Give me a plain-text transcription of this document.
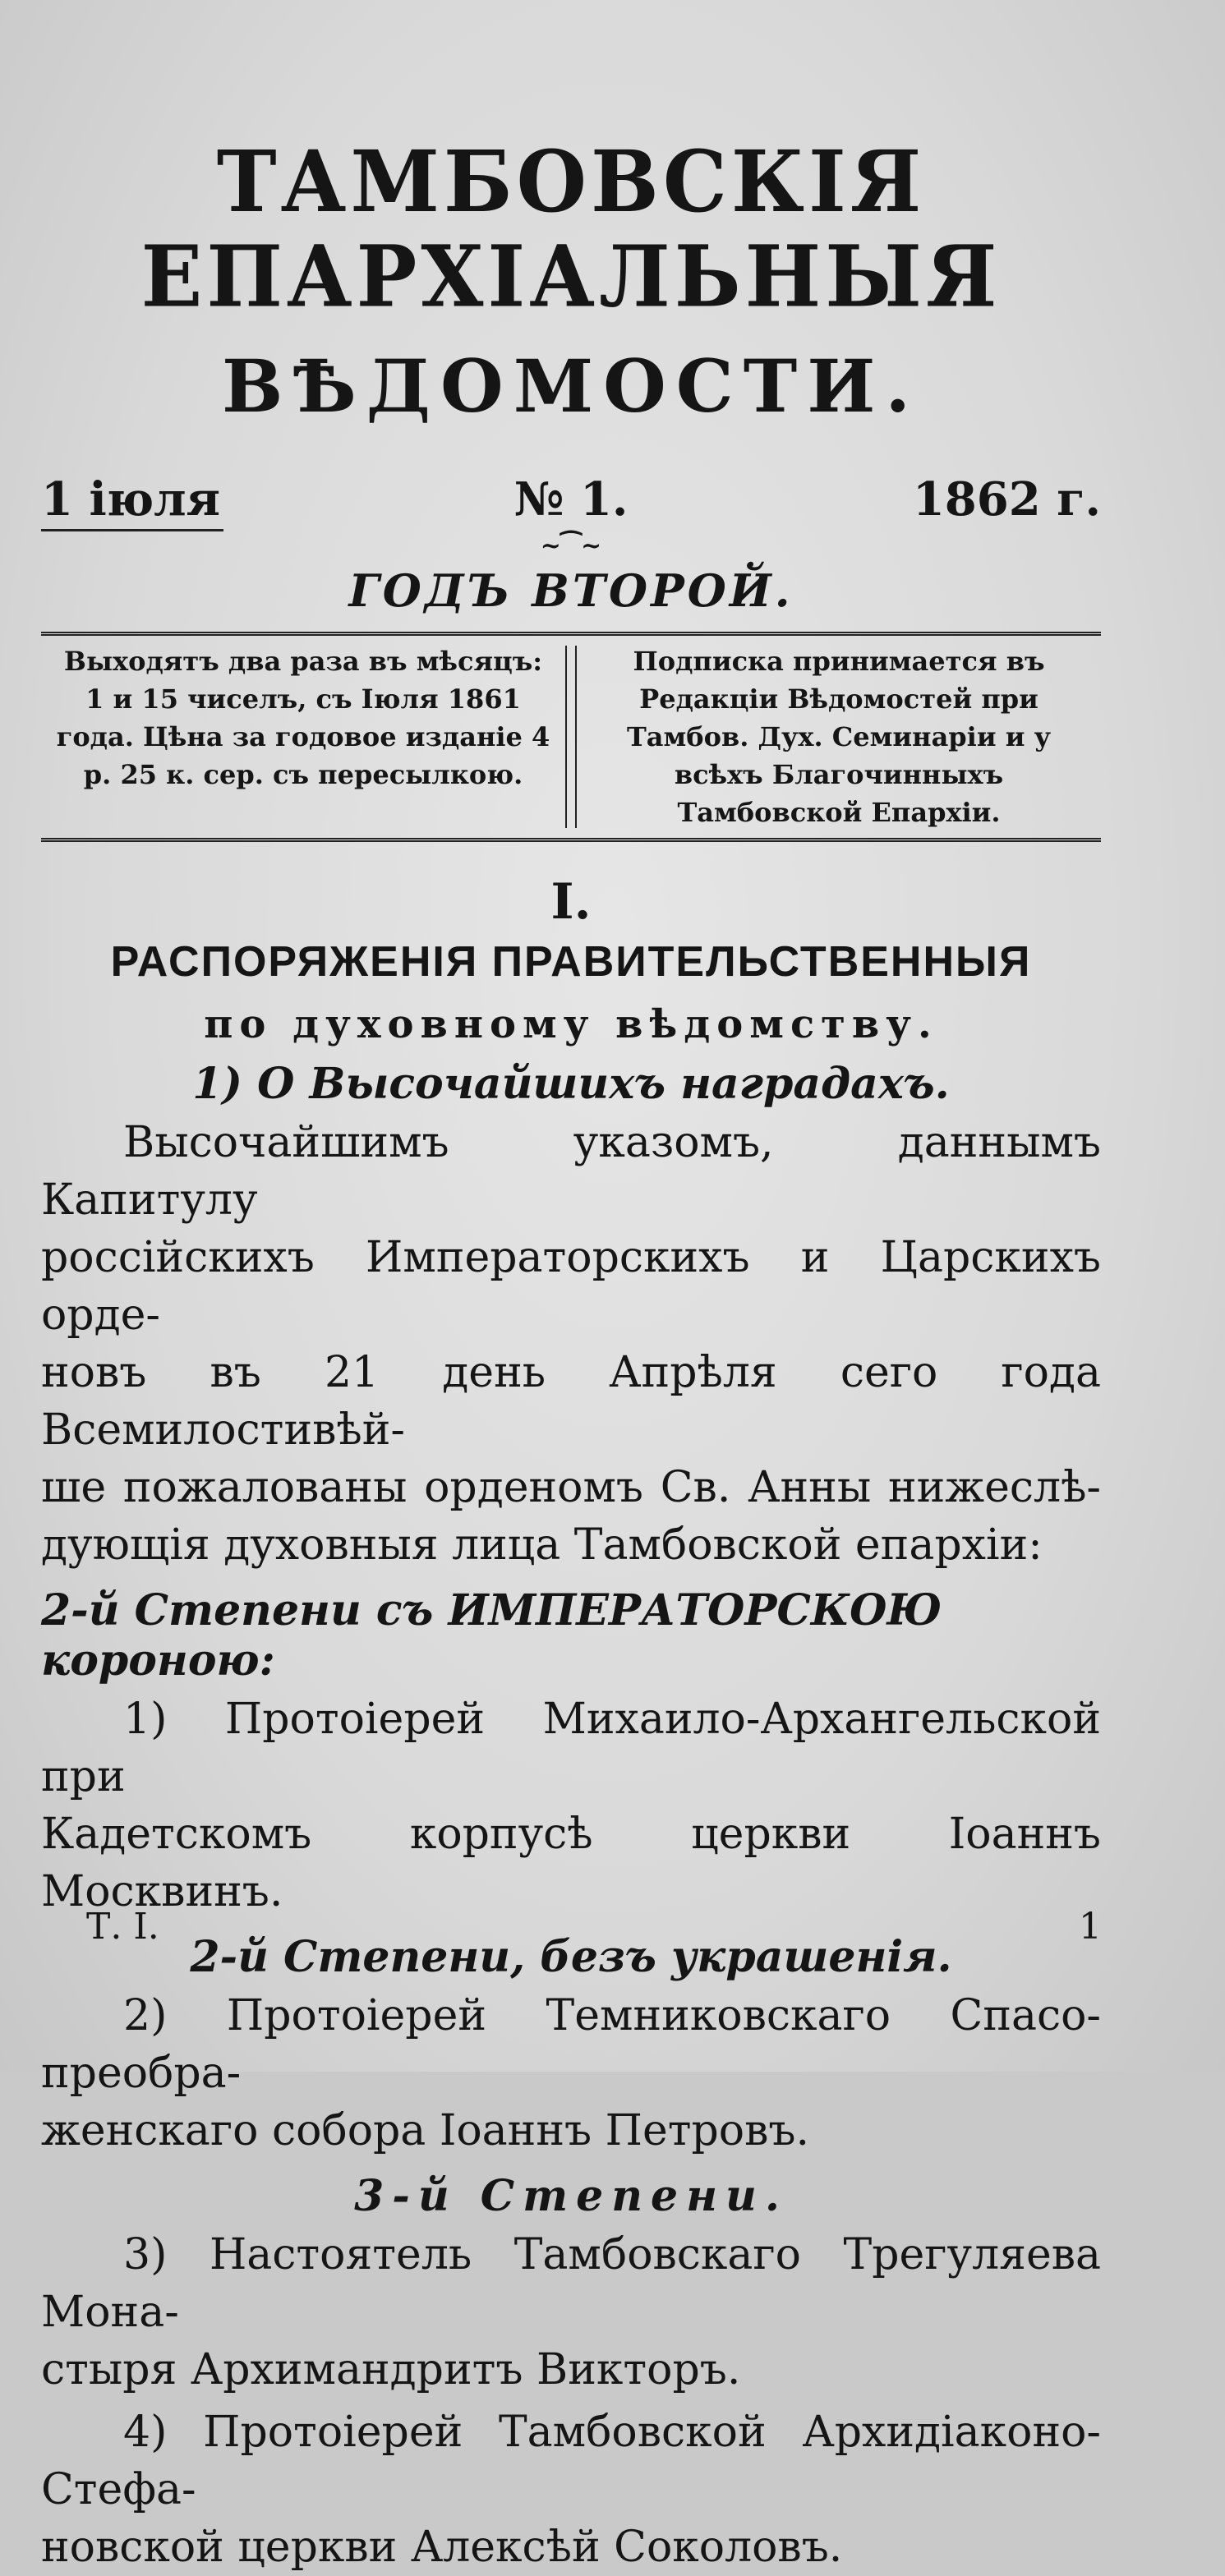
ТАМБОВСКІЯ ЕПАРХІАЛЬНЫЯ
ВѢДОМОСТИ.
1 іюля	№ 1.	1862 г.
~⁀~
ГОДЪ ВТОРОЙ.
Выходятъ два раза въ мѣсяцъ: 1 и 15 чиселъ, съ Іюля 1861 года. Цѣна за годовое изданіе 4 р. 25 к. сер. съ пересылкою.
Подписка принимается въ Редакціи Вѣдомостей при Тамбов. Дух. Семинаріи и у всѣхъ Благочинныхъ Тамбовской Епархіи.
I.
РАСПОРЯЖЕНІЯ ПРАВИТЕЛЬСТВЕННЫЯ
по духовному вѣдомству.
1) О Высочайшихъ наградахъ.
Высочайшимъ указомъ, даннымъ Капитулу
россійскихъ Императорскихъ и Царскихъ орде-
новъ въ 21 день Апрѣля сего года Всемилостивѣй-
ше пожалованы орденомъ Св. Анны нижеслѣ-
дующія духовныя лица Тамбовской епархіи:
2-й Степени съ ИМПЕРАТОРСКОЮ короною:
1) Протоіерей Михаило-Архангельской при
Кадетскомъ корпусѣ церкви Іоаннъ Москвинъ.
2-й Степени, безъ украшенія.
2) Протоіерей Темниковскаго Спасо-преобра-
женскаго собора Іоаннъ Петровъ.
3-й Степени.
3) Настоятель Тамбовскаго Трегуляева Мона-
стыря Архимандритъ Викторъ.
4) Протоіерей Тамбовской Архидіаконо-Стефа-
новской церкви Алексѣй Соколовъ.
Т. I.	1
